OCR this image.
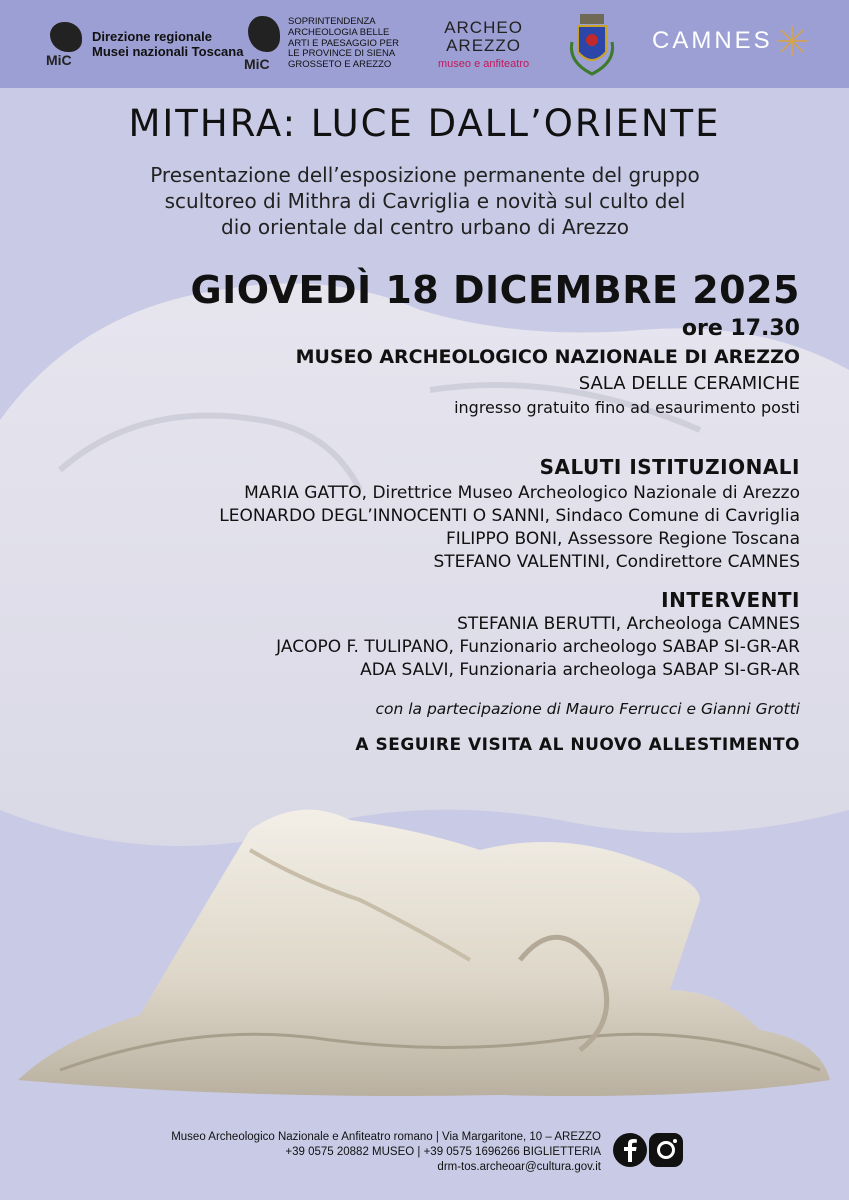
MiC
Direzione regionale
Musei nazionali Toscana
MiC
SOPRINTENDENZA
ARCHEOLOGIA BELLE
ARTI E PAESAGGIO PER
LE PROVINCE DI SIENA
GROSSETO E AREZZO
ARCHEO
AREZZO
museo e anfiteatro
CAMNES
MITHRA: LUCE DALL’ORIENTE
Presentazione dell’esposizione permanente del gruppo
scultoreo di Mithra di Cavriglia e novità sul culto del
dio orientale dal centro urbano di Arezzo
GIOVEDÌ 18 DICEMBRE 2025
ore 17.30
MUSEO ARCHEOLOGICO NAZIONALE DI AREZZO
SALA DELLE CERAMICHE
ingresso gratuito fino ad esaurimento posti
SALUTI ISTITUZIONALI
MARIA GATTO, Direttrice Museo Archeologico Nazionale di Arezzo
LEONARDO DEGL’INNOCENTI O SANNI, Sindaco Comune di Cavriglia
FILIPPO BONI, Assessore Regione Toscana
STEFANO VALENTINI, Condirettore CAMNES
INTERVENTI
STEFANIA BERUTTI, Archeologa CAMNES
JACOPO F. TULIPANO, Funzionario archeologo SABAP SI-GR-AR
ADA SALVI, Funzionaria archeologa SABAP SI-GR-AR
con la partecipazione di Mauro Ferrucci e Gianni Grotti
A SEGUIRE VISITA AL NUOVO ALLESTIMENTO
Museo Archeologico Nazionale e Anfiteatro romano | Via Margaritone, 10 – AREZZO
+39 0575 20882 MUSEO | +39 0575 1696266 BIGLIETTERIA
drm-tos.archeoar@cultura.gov.it
